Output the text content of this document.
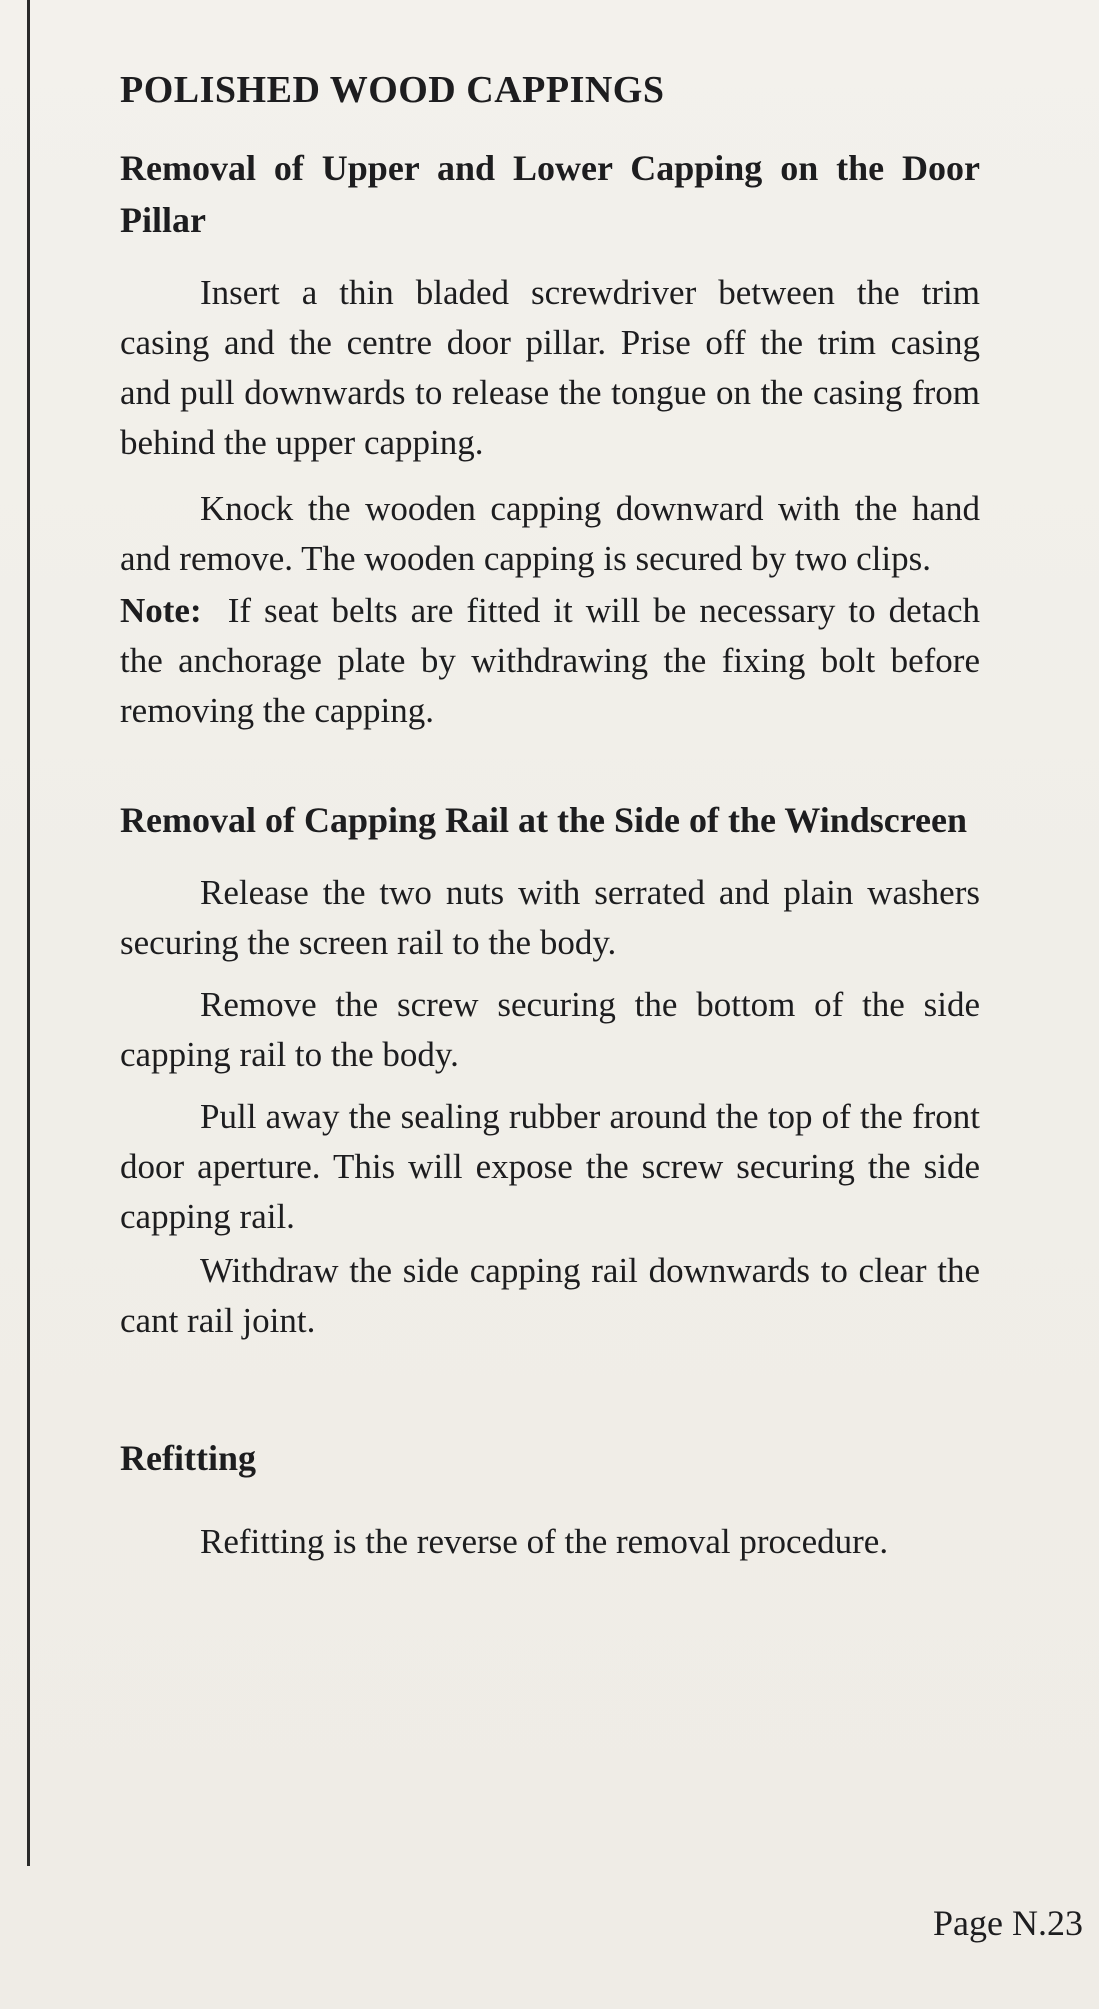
POLISHED WOOD CAPPINGS
Removal of Upper and Lower Capping on the Door Pillar

Insert a thin bladed screwdriver between the trim casing and the centre door pillar. Prise off the trim casing and pull downwards to release the tongue on the casing from behind the upper capping.

Knock the wooden capping downward with the hand and remove. The wooden capping is secured by two clips.

Note: If seat belts are fitted it will be necessary to detach the anchorage plate by withdrawing the fixing bolt before removing the capping.

Removal of Capping Rail at the Side of the Windscreen

Release the two nuts with serrated and plain washers securing the screen rail to the body.

Remove the screw securing the bottom of the side capping rail to the body.

Pull away the sealing rubber around the top of the front door aperture. This will expose the screw securing the side capping rail.

Withdraw the side capping rail downwards to clear the cant rail joint.

Refitting

Refitting is the reverse of the removal procedure.

Page N.23
